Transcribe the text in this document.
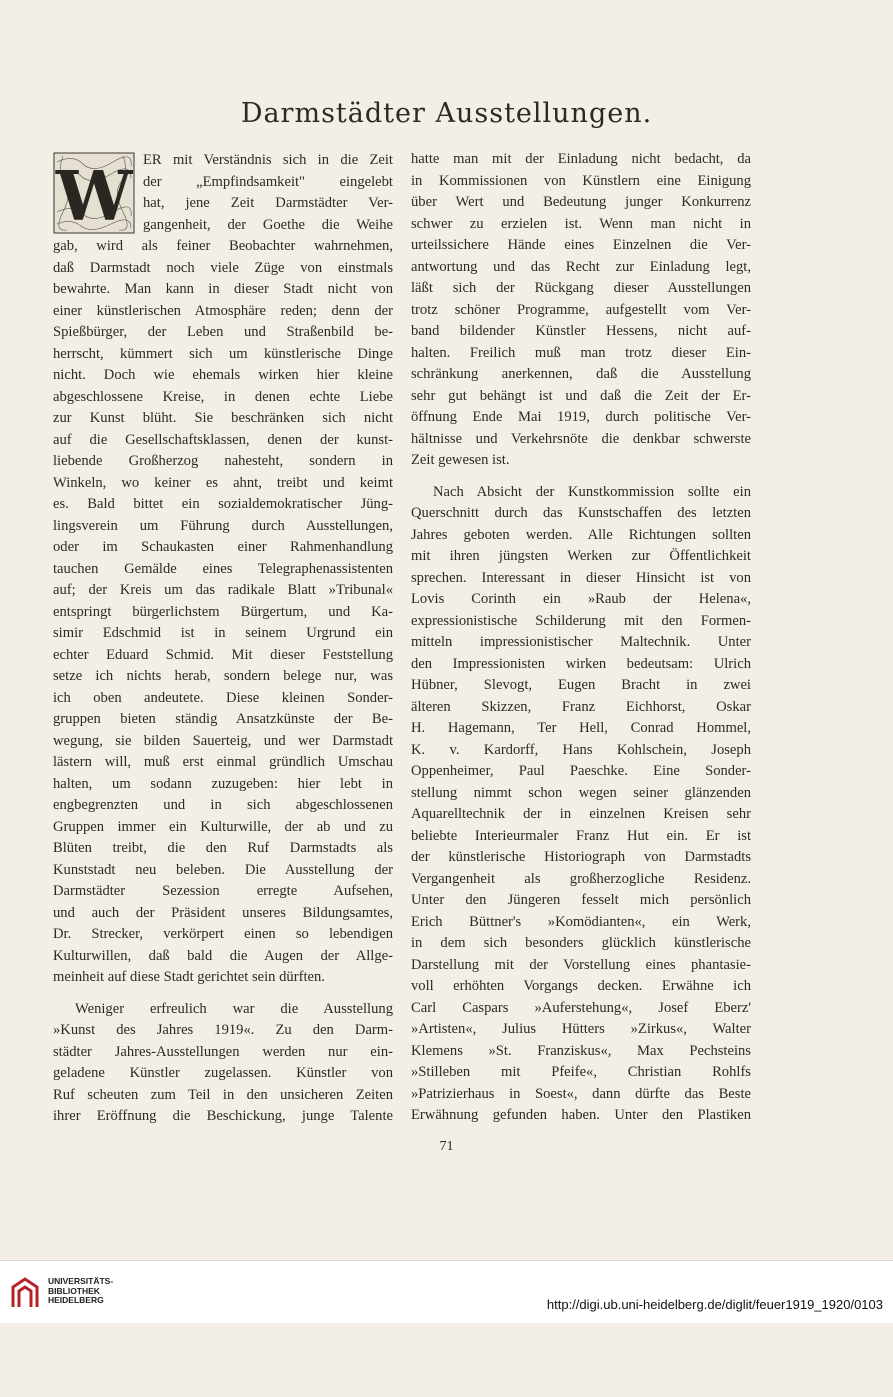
Darmstädter Ausstellungen.
W ER mit Verständnis sich in die Zeit
der „Empfindsamkeit" eingelebt
hat, jene Zeit Darmstädter Ver-
gangenheit, der Goethe die Weihe
gab, wird als feiner Beobachter wahrnehmen,
daß Darmstadt noch viele Züge von einstmals
bewahrte. Man kann in dieser Stadt nicht von
einer künstlerischen Atmosphäre reden; denn der
Spießbürger, der Leben und Straßenbild be-
herrscht, kümmert sich um künstlerische Dinge
nicht. Doch wie ehemals wirken hier kleine
abgeschlossene Kreise, in denen echte Liebe
zur Kunst blüht. Sie beschränken sich nicht
auf die Gesellschaftsklassen, denen der kunst-
liebende Großherzog nahesteht, sondern in
Winkeln, wo keiner es ahnt, treibt und keimt
es. Bald bittet ein sozialdemokratischer Jüng-
lingsverein um Führung durch Ausstellungen,
oder im Schaukasten einer Rahmenhandlung
tauchen Gemälde eines Telegraphenassistenten
auf; der Kreis um das radikale Blatt »Tribunal«
entspringt bürgerlichstem Bürgertum, und Ka-
simir Edschmid ist in seinem Urgrund ein
echter Eduard Schmid. Mit dieser Feststellung
setze ich nichts herab, sondern belege nur, was
ich oben andeutete. Diese kleinen Sonder-
gruppen bieten ständig Ansatzkünste der Be-
wegung, sie bilden Sauerteig, und wer Darmstadt
lästern will, muß erst einmal gründlich Umschau
halten, um sodann zuzugeben: hier lebt in
engbegrenzten und in sich abgeschlossenen
Gruppen immer ein Kulturwille, der ab und zu
Blüten treibt, die den Ruf Darmstadts als
Kunststadt neu beleben. Die Ausstellung der
Darmstädter Sezession erregte Aufsehen,
und auch der Präsident unseres Bildungsamtes,
Dr. Strecker, verkörpert einen so lebendigen
Kulturwillen, daß bald die Augen der Allge-
meinheit auf diese Stadt gerichtet sein dürften.
Weniger erfreulich war die Ausstellung
»Kunst des Jahres 1919«. Zu den Darm-
städter Jahres-Ausstellungen werden nur ein-
geladene Künstler zugelassen. Künstler von
Ruf scheuten zum Teil in den unsicheren Zeiten
ihrer Eröffnung die Beschickung, junge Talente
hatte man mit der Einladung nicht bedacht, da
in Kommissionen von Künstlern eine Einigung
über Wert und Bedeutung junger Konkurrenz
schwer zu erzielen ist. Wenn man nicht in
urteilssichere Hände eines Einzelnen die Ver-
antwortung und das Recht zur Einladung legt,
läßt sich der Rückgang dieser Ausstellungen
trotz schöner Programme, aufgestellt vom Ver-
band bildender Künstler Hessens, nicht auf-
halten. Freilich muß man trotz dieser Ein-
schränkung anerkennen, daß die Ausstellung
sehr gut behängt ist und daß die Zeit der Er-
öffnung Ende Mai 1919, durch politische Ver-
hältnisse und Verkehrsnöte die denkbar schwerste
Zeit gewesen ist.
Nach Absicht der Kunstkommission sollte ein
Querschnitt durch das Kunstschaffen des letzten
Jahres geboten werden. Alle Richtungen sollten
mit ihren jüngsten Werken zur Öffentlichkeit
sprechen. Interessant in dieser Hinsicht ist von
Lovis Corinth ein »Raub der Helena«,
expressionistische Schilderung mit den Formen-
mitteln impressionistischer Maltechnik. Unter
den Impressionisten wirken bedeutsam: Ulrich
Hübner, Slevogt, Eugen Bracht in zwei
älteren Skizzen, Franz Eichhorst, Oskar
H. Hagemann, Ter Hell, Conrad Hommel,
K. v. Kardorff, Hans Kohlschein, Joseph
Oppenheimer, Paul Paeschke. Eine Sonder-
stellung nimmt schon wegen seiner glänzenden
Aquarelltechnik der in einzelnen Kreisen sehr
beliebte Interieurmaler Franz Hut ein. Er ist
der künstlerische Historiograph von Darmstadts
Vergangenheit als großherzogliche Residenz.
Unter den Jüngeren fesselt mich persönlich
Erich Büttner's »Komödianten«, ein Werk,
in dem sich besonders glücklich künstlerische
Darstellung mit der Vorstellung eines phantasie-
voll erhöhten Vorgangs decken. Erwähne ich
Carl Caspars »Auferstehung«, Josef Eberz'
»Artisten«, Julius Hütters »Zirkus«, Walter
Klemens »St. Franziskus«, Max Pechsteins
»Stilleben mit Pfeife«, Christian Rohlfs
»Patrizierhaus in Soest«, dann dürfte das Beste
Erwähnung gefunden haben. Unter den Plastiken
71
UNIVERSITÄTS-
BIBLIOTHEK
HEIDELBERG	http://digi.ub.uni-heidelberg.de/diglit/feuer1919_1920/0103
